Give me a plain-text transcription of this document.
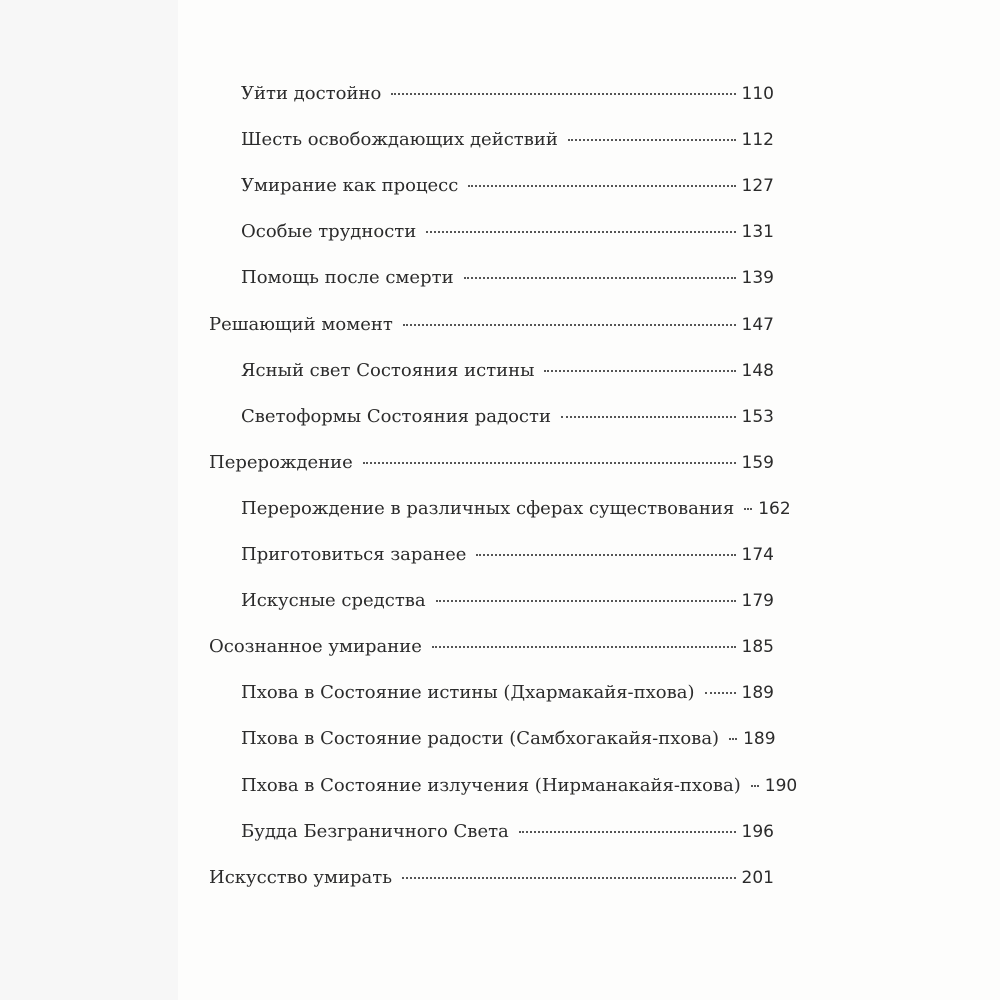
Уйти достойно	110
Шесть освобождающих действий	112
Умирание как процесс	127
Особые трудности	131
Помощь после смерти	139
Решающий момент	147
Ясный свет Состояния истины	148
Светоформы Состояния радости	153
Перерождение	159
Перерождение в различных сферах существования 162
Приготовиться заранее	174
Искусные средства	179
Осознанное умирание	185
Пхова в Состояние истины (Дхармакайя-пхова)	189
Пхова в Состояние радости (Самбхогакайя-пхова) 189
Пхова в Состояние излучения (Нирманакайя-пхова) 190
Будда Безграничного Света	196
Искусство умирать	201
